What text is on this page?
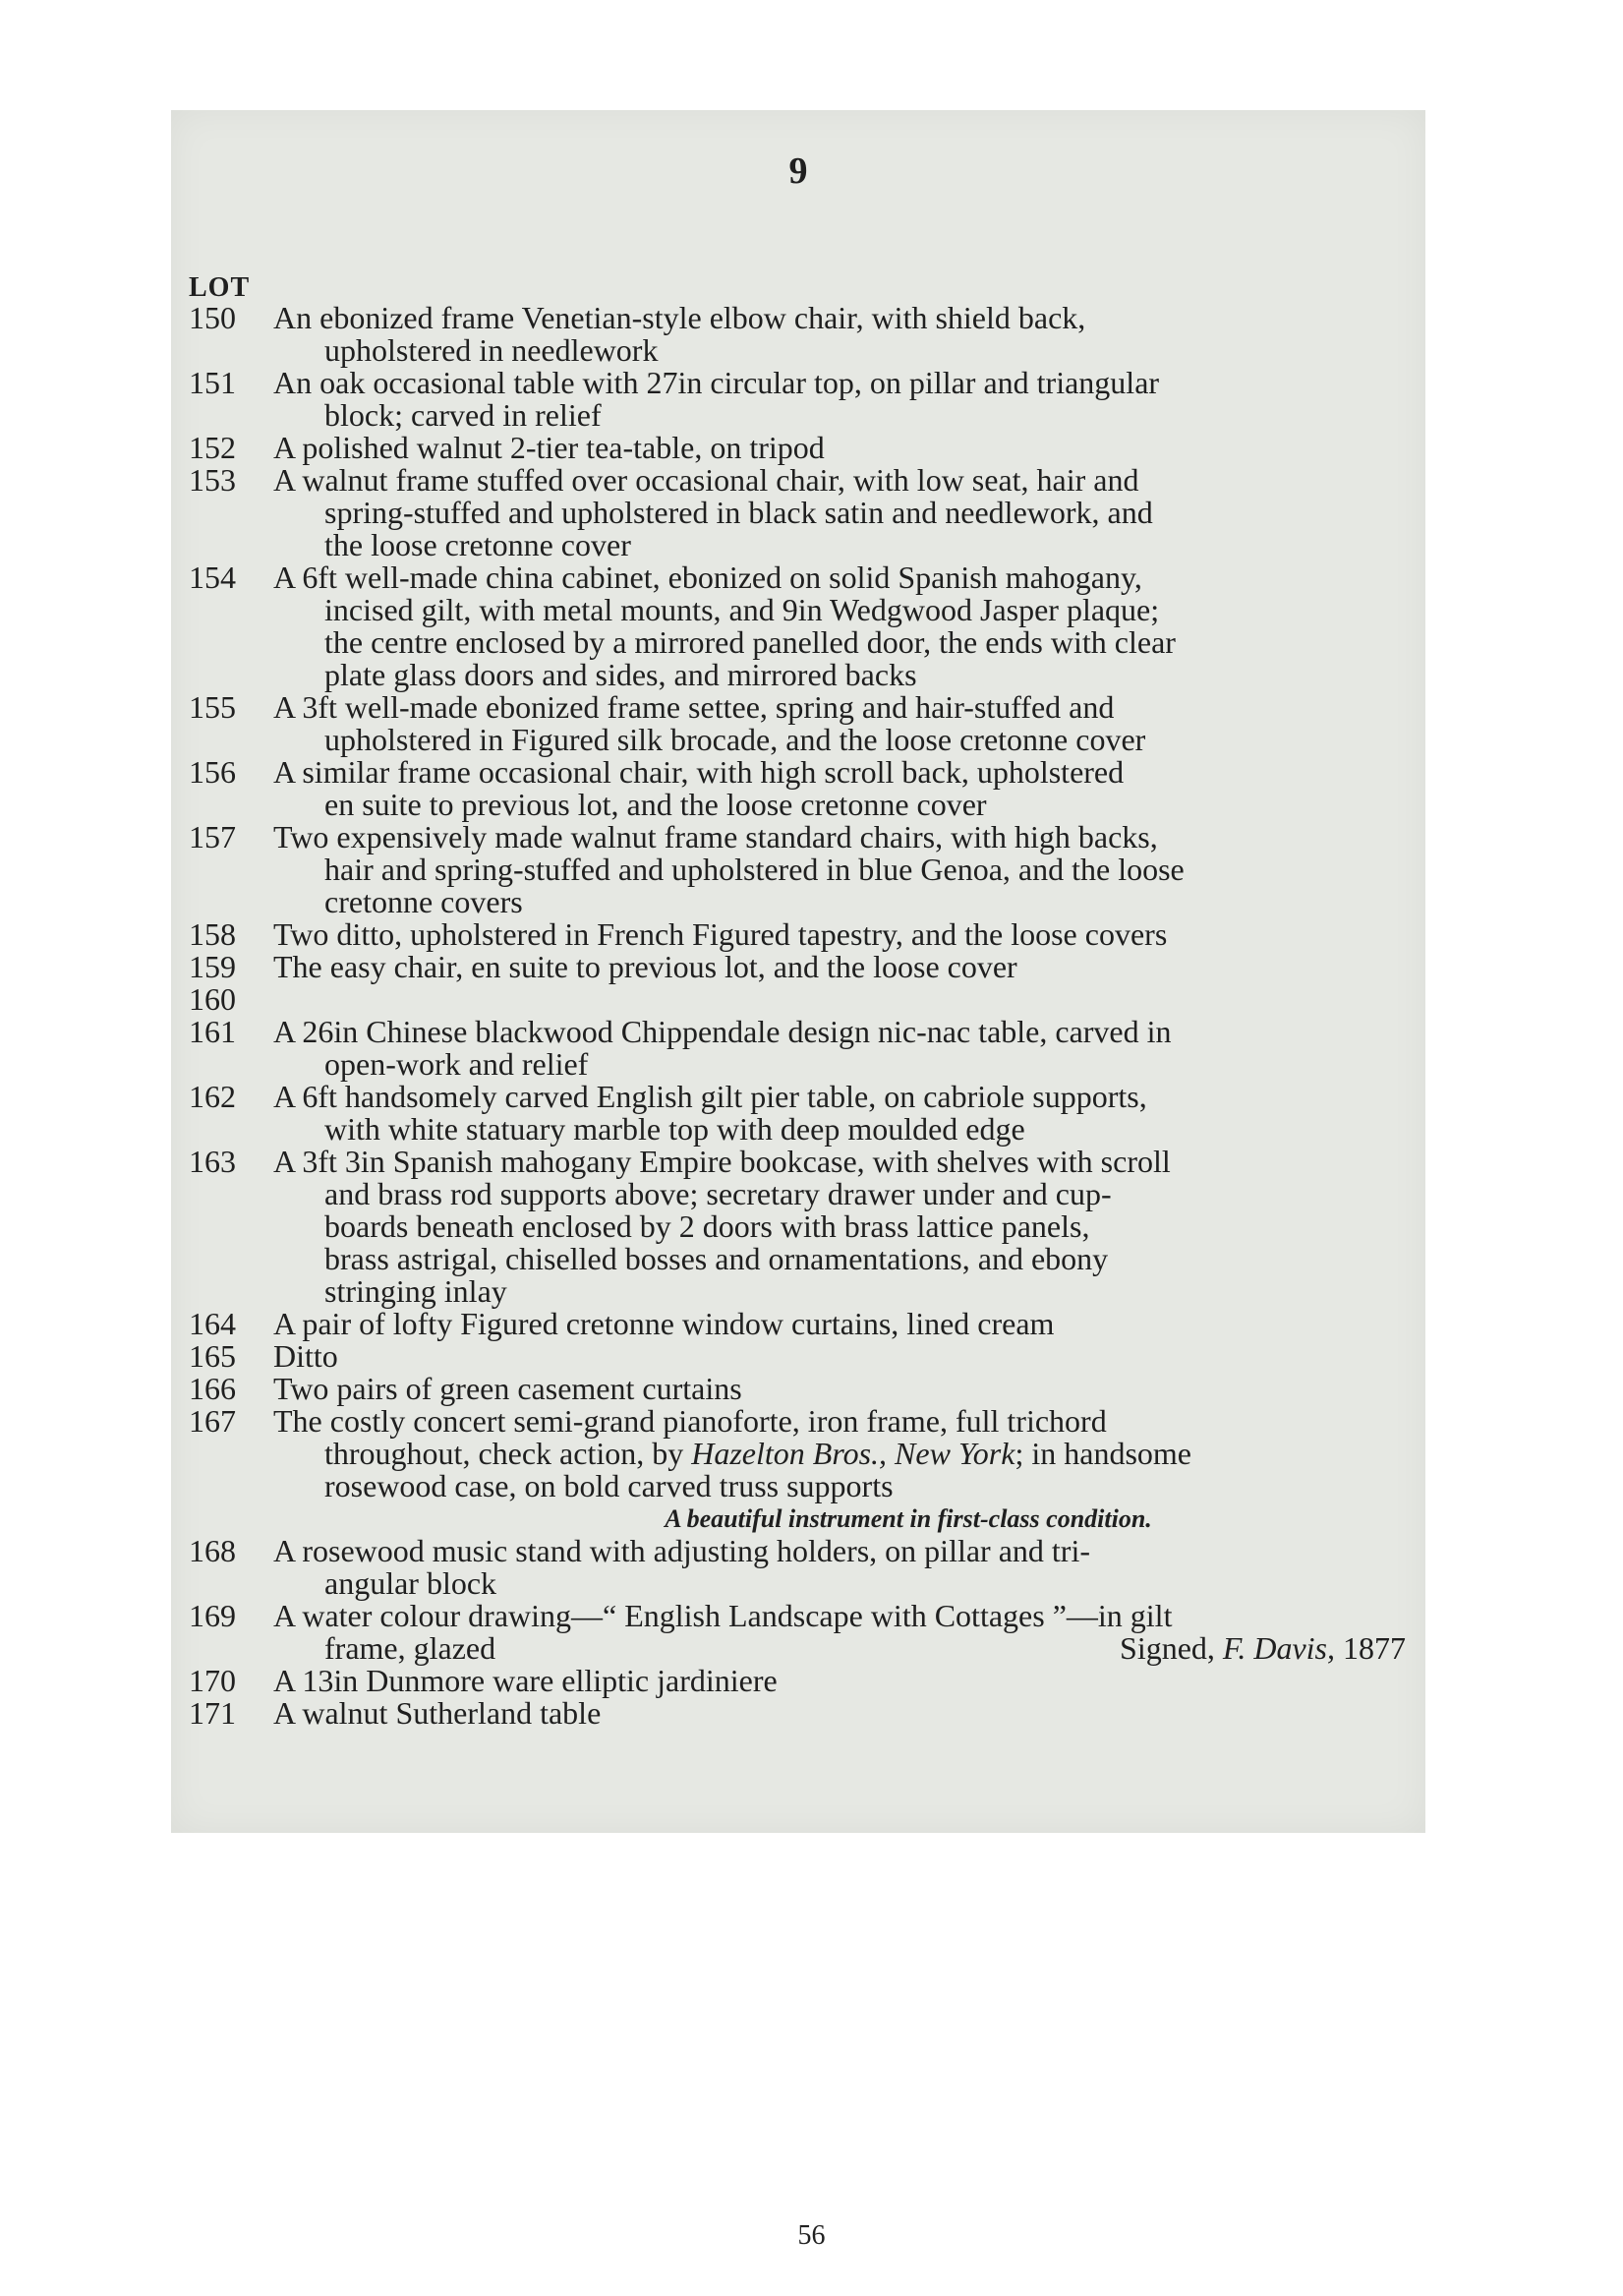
9
LOT
150	An ebonized frame Venetian-style elbow chair, with shield back,
upholstered in needlework
151	An oak occasional table with 27in circular top, on pillar and triangular
block; carved in relief
152	A polished walnut 2-tier tea-table, on tripod
153	A walnut frame stuffed over occasional chair, with low seat, hair and
spring-stuffed and upholstered in black satin and needlework, and
the loose cretonne cover
154	A 6ft well-made china cabinet, ebonized on solid Spanish mahogany,
incised gilt, with metal mounts, and 9in Wedgwood Jasper plaque;
the centre enclosed by a mirrored panelled door, the ends with clear
plate glass doors and sides, and mirrored backs
155	A 3ft well-made ebonized frame settee, spring and hair-stuffed and
upholstered in Figured silk brocade, and the loose cretonne cover
156	A similar frame occasional chair, with high scroll back, upholstered
en suite to previous lot, and the loose cretonne cover
157	Two expensively made walnut frame standard chairs, with high backs,
hair and spring-stuffed and upholstered in blue Genoa, and the loose
cretonne covers
158	Two ditto, upholstered in French Figured tapestry, and the loose covers
159	The easy chair, en suite to previous lot, and the loose cover
160
161	A 26in Chinese blackwood Chippendale design nic-nac table, carved in
open-work and relief
162	A 6ft handsomely carved English gilt pier table, on cabriole supports,
with white statuary marble top with deep moulded edge
163	A 3ft 3in Spanish mahogany Empire bookcase, with shelves with scroll
and brass rod supports above; secretary drawer under and cup-
boards beneath enclosed by 2 doors with brass lattice panels,
brass astrigal, chiselled bosses and ornamentations, and ebony
stringing inlay
164	A pair of lofty Figured cretonne window curtains, lined cream
165	Ditto
166	Two pairs of green casement curtains
167	The costly concert semi-grand pianoforte, iron frame, full trichord
throughout, check action, by Hazelton Bros., New York; in handsome
rosewood case, on bold carved truss supports
A beautiful instrument in first-class condition.
168	A rosewood music stand with adjusting holders, on pillar and tri-
angular block
169	A water colour drawing—“ English Landscape with Cottages ”—in gilt
frame, glazed	Signed, F. Davis, 1877
170	A 13in Dunmore ware elliptic jardiniere
171	A walnut Sutherland table
56
